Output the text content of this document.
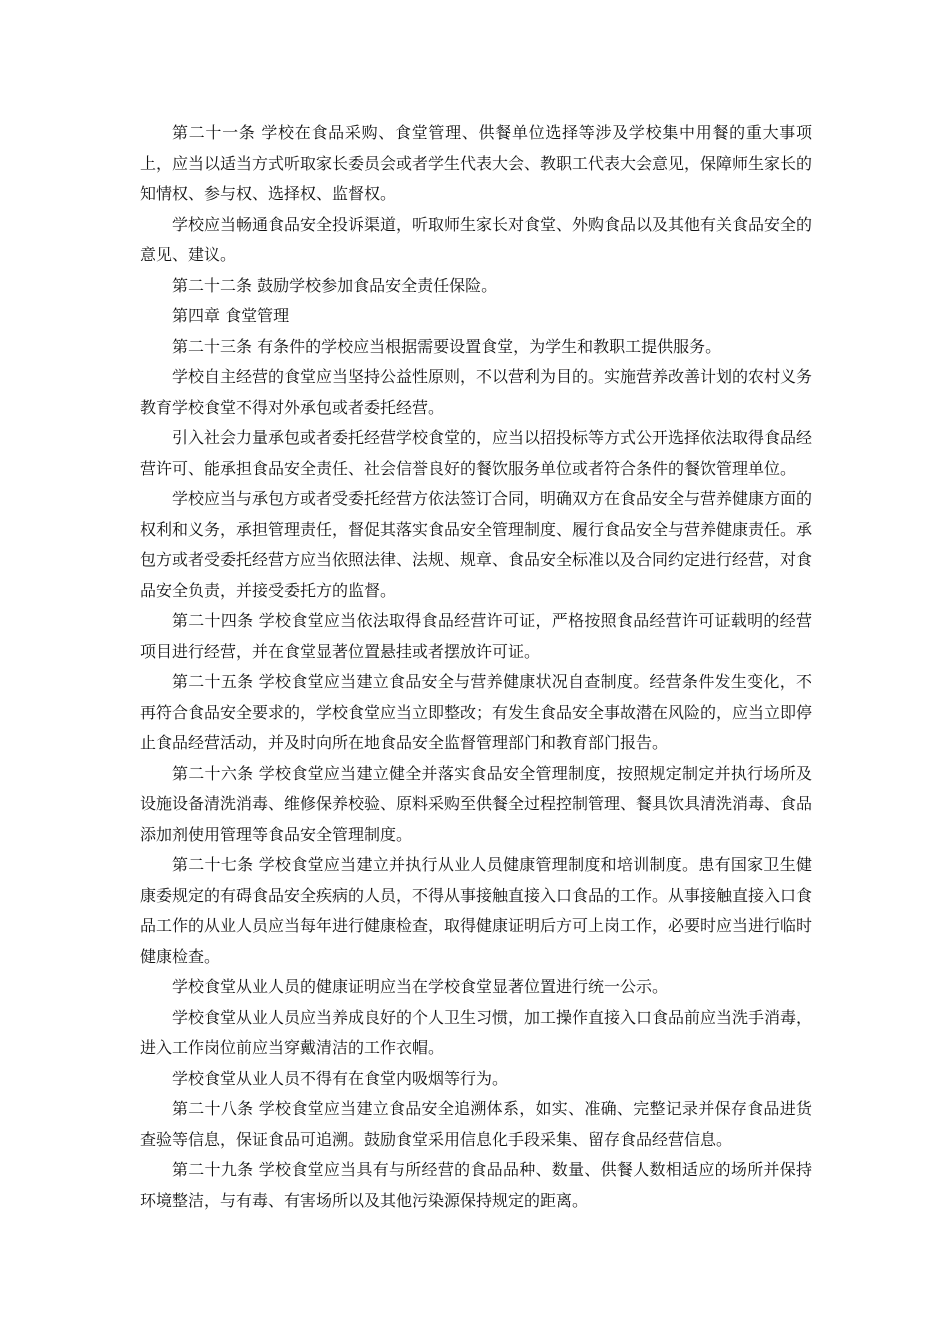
第二十一条 学校在食品采购、食堂管理、供餐单位选择等涉及学校集中用餐的重大事项上，应当以适当方式听取家长委员会或者学生代表大会、教职工代表大会意见，保障师生家长的知情权、参与权、选择权、监督权。

学校应当畅通食品安全投诉渠道，听取师生家长对食堂、外购食品以及其他有关食品安全的意见、建议。

第二十二条 鼓励学校参加食品安全责任保险。

第四章 食堂管理

第二十三条 有条件的学校应当根据需要设置食堂，为学生和教职工提供服务。

学校自主经营的食堂应当坚持公益性原则，不以营利为目的。实施营养改善计划的农村义务教育学校食堂不得对外承包或者委托经营。

引入社会力量承包或者委托经营学校食堂的，应当以招投标等方式公开选择依法取得食品经营许可、能承担食品安全责任、社会信誉良好的餐饮服务单位或者符合条件的餐饮管理单位。

学校应当与承包方或者受委托经营方依法签订合同，明确双方在食品安全与营养健康方面的权利和义务，承担管理责任，督促其落实食品安全管理制度、履行食品安全与营养健康责任。承包方或者受委托经营方应当依照法律、法规、规章、食品安全标准以及合同约定进行经营，对食品安全负责，并接受委托方的监督。

第二十四条 学校食堂应当依法取得食品经营许可证，严格按照食品经营许可证载明的经营项目进行经营，并在食堂显著位置悬挂或者摆放许可证。

第二十五条 学校食堂应当建立食品安全与营养健康状况自查制度。经营条件发生变化，不再符合食品安全要求的，学校食堂应当立即整改；有发生食品安全事故潜在风险的，应当立即停止食品经营活动，并及时向所在地食品安全监督管理部门和教育部门报告。

第二十六条 学校食堂应当建立健全并落实食品安全管理制度，按照规定制定并执行场所及设施设备清洗消毒、维修保养校验、原料采购至供餐全过程控制管理、餐具饮具清洗消毒、食品添加剂使用管理等食品安全管理制度。

第二十七条 学校食堂应当建立并执行从业人员健康管理制度和培训制度。患有国家卫生健康委规定的有碍食品安全疾病的人员，不得从事接触直接入口食品的工作。从事接触直接入口食品工作的从业人员应当每年进行健康检查，取得健康证明后方可上岗工作，必要时应当进行临时健康检查。

学校食堂从业人员的健康证明应当在学校食堂显著位置进行统一公示。

学校食堂从业人员应当养成良好的个人卫生习惯，加工操作直接入口食品前应当洗手消毒，进入工作岗位前应当穿戴清洁的工作衣帽。

学校食堂从业人员不得有在食堂内吸烟等行为。

第二十八条 学校食堂应当建立食品安全追溯体系，如实、准确、完整记录并保存食品进货查验等信息，保证食品可追溯。鼓励食堂采用信息化手段采集、留存食品经营信息。

第二十九条 学校食堂应当具有与所经营的食品品种、数量、供餐人数相适应的场所并保持环境整洁，与有毒、有害场所以及其他污染源保持规定的距离。
